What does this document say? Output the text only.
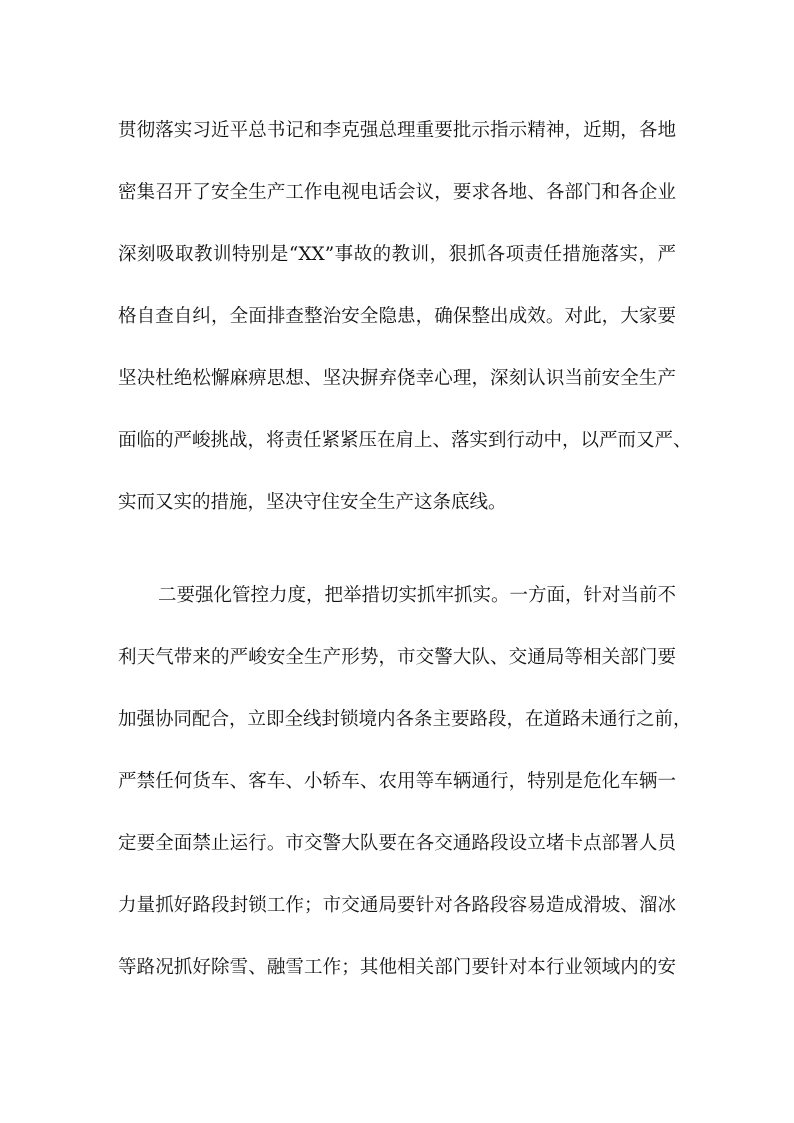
贯彻落实习近平总书记和李克强总理重要批示指示精神，近期，各地
密集召开了安全生产工作电视电话会议，要求各地、各部门和各企业
深刻吸取教训特别是“XX”事故的教训，狠抓各项责任措施落实，严
格自查自纠，全面排查整治安全隐患，确保整出成效。对此，大家要
坚决杜绝松懈麻痹思想、坚决摒弃侥幸心理，深刻认识当前安全生产
面临的严峻挑战，将责任紧紧压在肩上、落实到行动中，以严而又严、
实而又实的措施，坚决守住安全生产这条底线。
二要强化管控力度，把举措切实抓牢抓实。一方面，针对当前不
利天气带来的严峻安全生产形势，市交警大队、交通局等相关部门要
加强协同配合，立即全线封锁境内各条主要路段，在道路未通行之前，
严禁任何货车、客车、小轿车、农用等车辆通行，特别是危化车辆一
定要全面禁止运行。市交警大队要在各交通路段设立堵卡点部署人员
力量抓好路段封锁工作；市交通局要针对各路段容易造成滑坡、溜冰
等路况抓好除雪、融雪工作；其他相关部门要针对本行业领域内的安
